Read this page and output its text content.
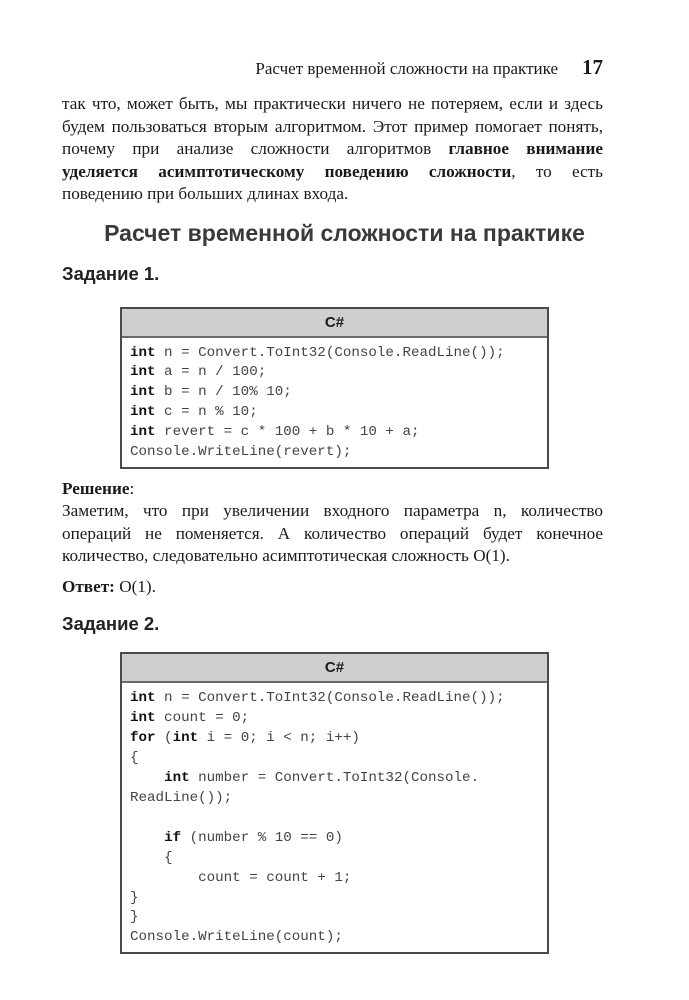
Расчет временной сложности на практике 17
так что, может быть, мы практически ничего не потеряем, если и здесь будем пользоваться вторым алгоритмом. Этот пример помогает понять, почему при анализе сложности алгоритмов главное внимание уделяется асимптотическому поведению сложности, то есть поведению при больших длинах входа.
Расчет временной сложности на практике
Задание 1.
C#
int n = Convert.ToInt32(Console.ReadLine());
int a = n / 100;
int b = n / 10% 10;
int c = n % 10;
int revert = c * 100 + b * 10 + a;
Console.WriteLine(revert);
Решение:
Заметим, что при увеличении входного параметра n, количество операций не поменяется. А количество операций будет конечное количество, следовательно асимптотическая сложность O(1).
Ответ: O(1).
Задание 2.
C#
int n = Convert.ToInt32(Console.ReadLine());
int count = 0;
for (int i = 0; i < n; i++)
{
int number = Convert.ToInt32(Console.
ReadLine());

if (number % 10 == 0)
{
count = count + 1;
}
}
Console.WriteLine(count);
